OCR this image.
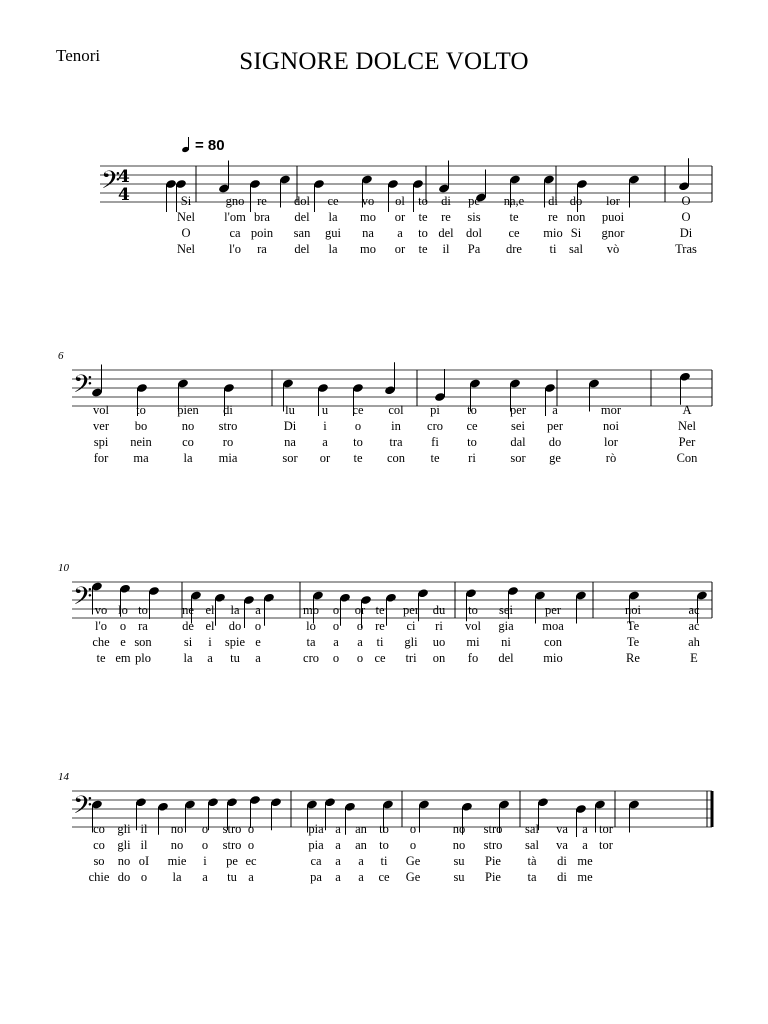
Tenori	SIGNORE DOLCE VOLTO
= 80
𝄢
4
4	Si	gno re dol ce vo ol to di pe na,e di do lor	O
Nel l'om bra del la mo or te re sis te re non puoi	O
O	ca poin san gui na a to del dol ce mio Si gnor	Di
Nel	l'o ra del la mo or te il Pa dre ti sal vò	Tras
6
𝄢
vol to	pien di	lu u ce col pi to	per a	mor	A
ver bo	no stro	Di i o in cro ce	sei per	noi	Nel
spi nein co ro	na a to tra fi to	dal do	lor	Per
for ma	la mia	sor or te con te ri	sor ge	rò	Con
10
𝄢 vo lo to	ne el la a	mo o or te per du to sei	per	noi	ac
l'o o ra	de el do o	lo o o re ci ri vol gia moa	Te	ac
che e son	si i spie e	ta a a ti gli uo mi ni	con	Te	ah
te em plo	la a tu a	cro o o ce tri on fo del mio	Re	E
14
𝄢
co gli il no o stro o	pia a an to o	no stro sal va a tor
co gli il no o stro o	pia a an to o	no stro sal va a tor
so no oI mie i pe ec	ca a a ti Ge	su Pie tà di me
chie do o la a tu a	pa a a ce Ge	su Pie ta di me
